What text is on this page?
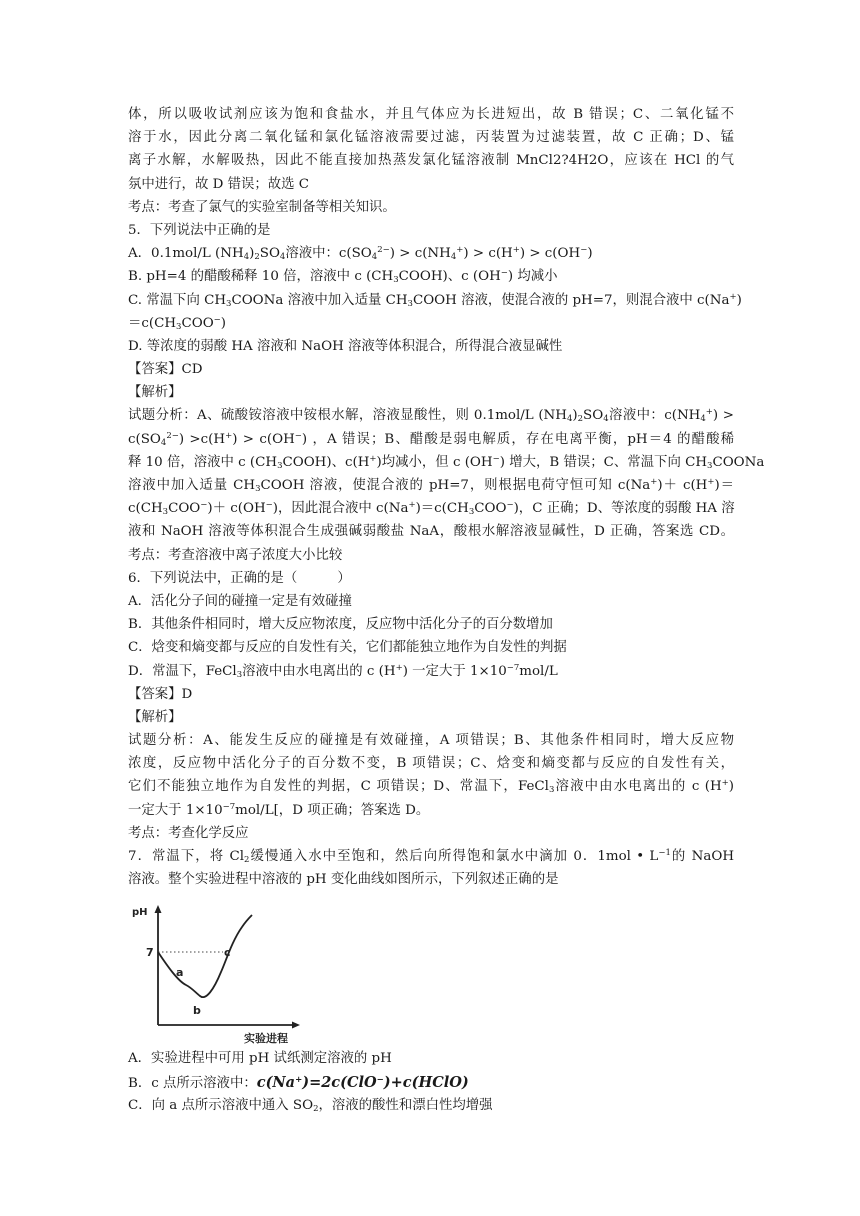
体，所以吸收试剂应该为饱和食盐水，并且气体应为长进短出，故 B 错误；C、二氧化锰不
溶于水，因此分离二氧化锰和氯化锰溶液需要过滤，丙装置为过滤装置，故 C 正确；D、锰
离子水解，水解吸热，因此不能直接加热蒸发氯化锰溶液制 MnCl2?4H2O，应该在 HCl 的气
氛中进行，故 D 错误；故选 C
考点：考查了氯气的实验室制备等相关知识。
5．下列说法中正确的是
A．0.1mol/L $(NH_4)_2SO_4$溶液中：$c(SO_4^{2-}) > c(NH_4^+) > c(H^+) > c(OH^-)$
B. pH=4 的醋酸稀释 10 倍，溶液中 c $(CH_3COOH)$、c (OH−) 均减小
C. 常温下向 $CH_3COONa$ 溶液中加入适量 $CH_3COOH$ 溶液，使混合液的 pH=7，则混合液中 c(Na+)
$=c(CH_3COO^-)$
D. 等浓度的弱酸 HA 溶液和 NaOH 溶液等体积混合，所得混合液显碱性
【答案】CD
【解析】
试题分析：A、硫酸铵溶液中铵根水解，溶液显酸性，则 0.1mol/L $(NH_4)_2SO_4$溶液中：$c(NH_4^+)$ >
$c(SO_4^{2-}) >c(H^+) > c(OH^-)$ ，A 错误；B、醋酸是弱电解质，存在电离平衡，pH＝4 的醋酸稀
释 10 倍，溶液中 c $(CH_3COOH)$、c(H+)均减小，但 c (OH−) 增大，B 错误；C、常温下向 $CH_3COONa$
溶液中加入适量 $CH_3COOH$ 溶液，使混合液的 pH=7，则根据电荷守恒可知 c(Na+)＋ c(H+)＝
$c(CH_3COO^-)+ c(OH^-)$，因此混合液中 $c(Na^+)=c(CH_3COO^-)$，C 正确；D、等浓度的弱酸 HA 溶
液和 NaOH 溶液等体积混合生成强碱弱酸盐 NaA，酸根水解溶液显碱性，D 正确，答案选 CD。
考点：考查溶液中离子浓度大小比较
6．下列说法中，正确的是（　　　）
A．活化分子间的碰撞一定是有效碰撞
B．其他条件相同时，增大反应物浓度，反应物中活化分子的百分数增加
C．焓变和熵变都与反应的自发性有关，它们都能独立地作为自发性的判据
D．常温下，FeCl$_3$溶液中由水电离出的 c (H+) 一定大于 $1\times 10^{-7}mol/L$
【答案】D
【解析】
试题分析：A、能发生反应的碰撞是有效碰撞，A 项错误；B、其他条件相同时，增大反应物
浓度，反应物中活化分子的百分数不变，B 项错误；C、焓变和熵变都与反应的自发性有关，
它们不能独立地作为自发性的判据，C 项错误；D、常温下，FeCl$_3$溶液中由水电离出的 c (H+)
一定大于 $1\times 10^{-7}mol/L$[，D 项正确；答案选 D。
考点：考查化学反应
7．常温下，将 $Cl_2$缓慢通入水中至饱和，然后向所得饱和氯水中滴加 0．1mol • $L^{-1}$的 NaOH
溶液。整个实验进程中溶液的 pH 变化曲线如图所示，下列叙述正确的是
pH
7
a
b
c
实验进程
A．实验进程中可用 pH 试纸测定溶液的 pH
B．c 点所示溶液中：c(Na+)=2c(ClO−)+c(HClO)
C．向 a 点所示溶液中通入 $SO_2$，溶液的酸性和漂白性均增强
